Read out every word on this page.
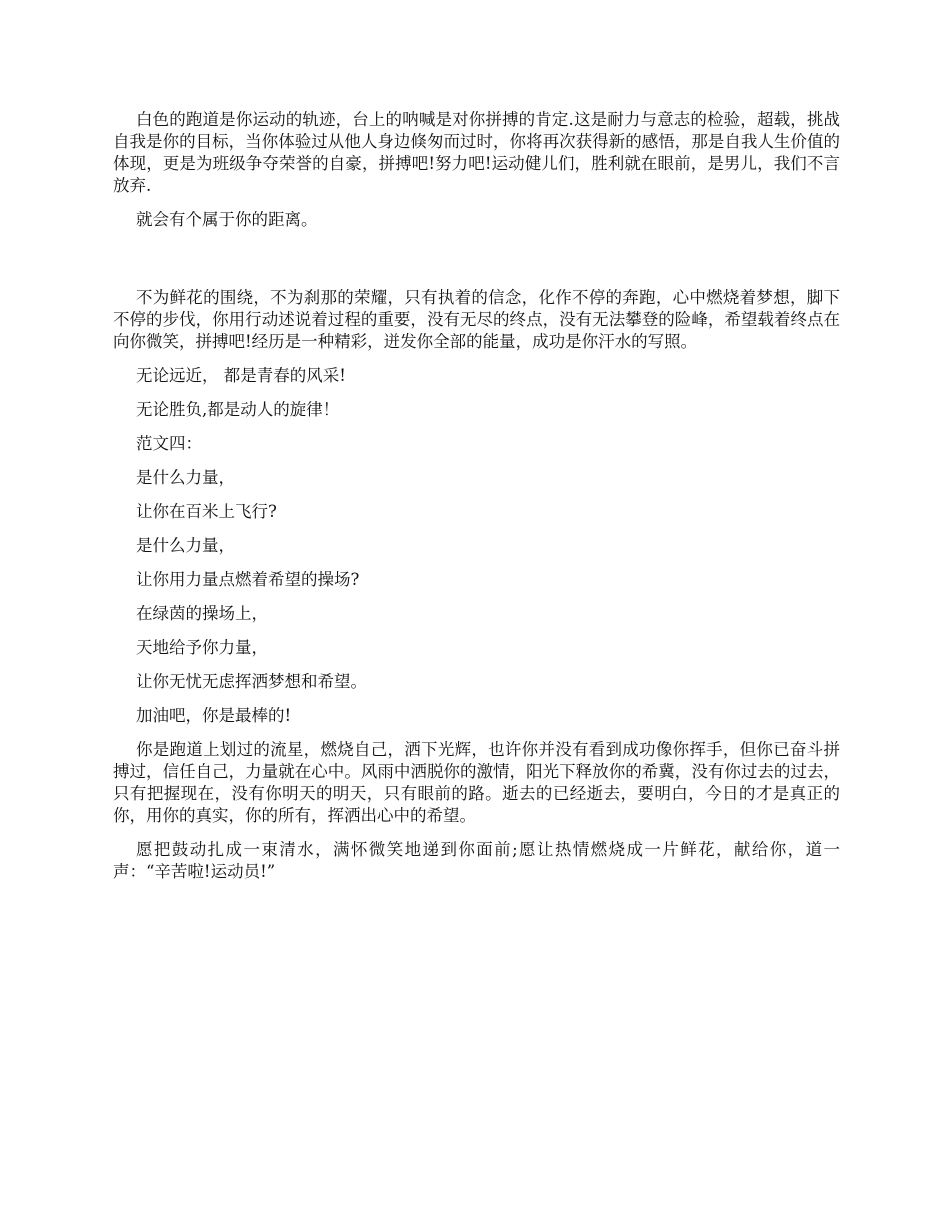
白色的跑道是你运动的轨迹，台上的呐喊是对你拼搏的肯定.这是耐力与意志的检验，超载，挑战自我是你的目标，当你体验过从他人身边倏匆而过时，你将再次获得新的感悟，那是自我人生价值的体现，更是为班级争夺荣誉的自豪，拼搏吧!努力吧!运动健儿们，胜利就在眼前，是男儿，我们不言放弃.

就会有个属于你的距离。

不为鲜花的围绕，不为刹那的荣耀，只有执着的信念，化作不停的奔跑，心中燃烧着梦想，脚下不停的步伐，你用行动述说着过程的重要，没有无尽的终点，没有无法攀登的险峰，希望载着终点在向你微笑，拼搏吧!经历是一种精彩，迸发你全部的能量，成功是你汗水的写照。

无论远近， 都是青春的风采!

无论胜负,都是动人的旋律！

范文四：

是什么力量，

让你在百米上飞行?

是什么力量，

让你用力量点燃着希望的操场?

在绿茵的操场上，

天地给予你力量，

让你无忧无虑挥洒梦想和希望。

加油吧，你是最棒的!

你是跑道上划过的流星，燃烧自己，洒下光辉，也许你并没有看到成功像你挥手，但你已奋斗拼搏过，信任自己，力量就在心中。风雨中洒脱你的激情，阳光下释放你的希冀，没有你过去的过去，只有把握现在，没有你明天的明天，只有眼前的路。逝去的已经逝去，要明白，今日的才是真正的你，用你的真实，你的所有，挥洒出心中的希望。

愿把鼓动扎成一束清水，满怀微笑地递到你面前;愿让热情燃烧成一片鲜花，献给你，道一声：“辛苦啦!运动员!”
